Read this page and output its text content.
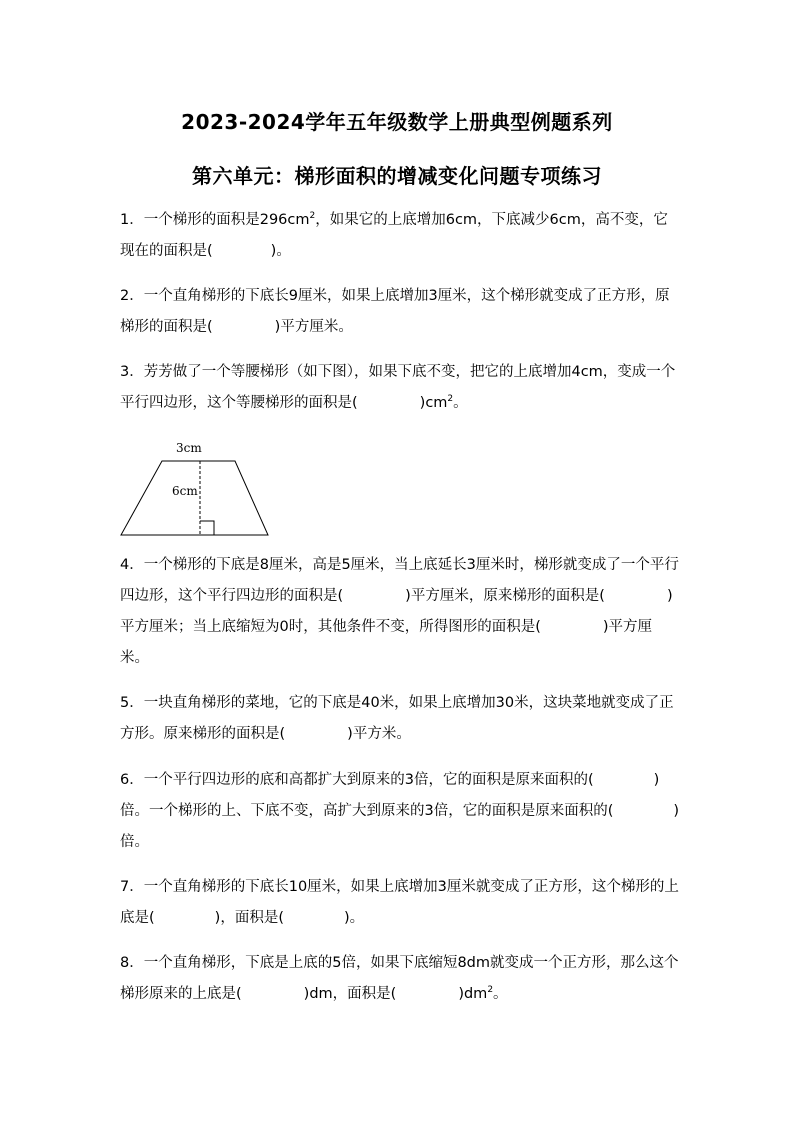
2023-2024学年五年级数学上册典型例题系列
第六单元：梯形面积的增减变化问题专项练习
1．一个梯形的面积是$296cm^2$，如果它的上底增加6cm，下底减少6cm，高不变，它现在的面积是(	)。
2．一个直角梯形的下底长9厘米，如果上底增加3厘米，这个梯形就变成了正方形，原梯形的面积是(	)平方厘米。
3．芳芳做了一个等腰梯形（如下图），如果下底不变，把它的上底增加4cm，变成一个平行四边形，这个等腰梯形的面积是(	)$cm^2$。
3cm
6cm
4．一个梯形的下底是8厘米，高是5厘米，当上底延长3厘米时，梯形就变成了一个平行四边形，这个平行四边形的面积是(	)平方厘米，原来梯形的面积是(	)平方厘米；当上底缩短为0时，其他条件不变，所得图形的面积是(	)平方厘米。
5．一块直角梯形的菜地，它的下底是40米，如果上底增加30米，这块菜地就变成了正方形。原来梯形的面积是(	)平方米。
6．一个平行四边形的底和高都扩大到原来的3倍，它的面积是原来面积的(	)倍。一个梯形的上、下底不变，高扩大到原来的3倍，它的面积是原来面积的(	)倍。
7．一个直角梯形的下底长10厘米，如果上底增加3厘米就变成了正方形，这个梯形的上底是(	)，面积是(	)。
8．一个直角梯形，下底是上底的5倍，如果下底缩短8dm就变成一个正方形，那么这个梯形原来的上底是(	)dm，面积是(	)$dm^2$。
